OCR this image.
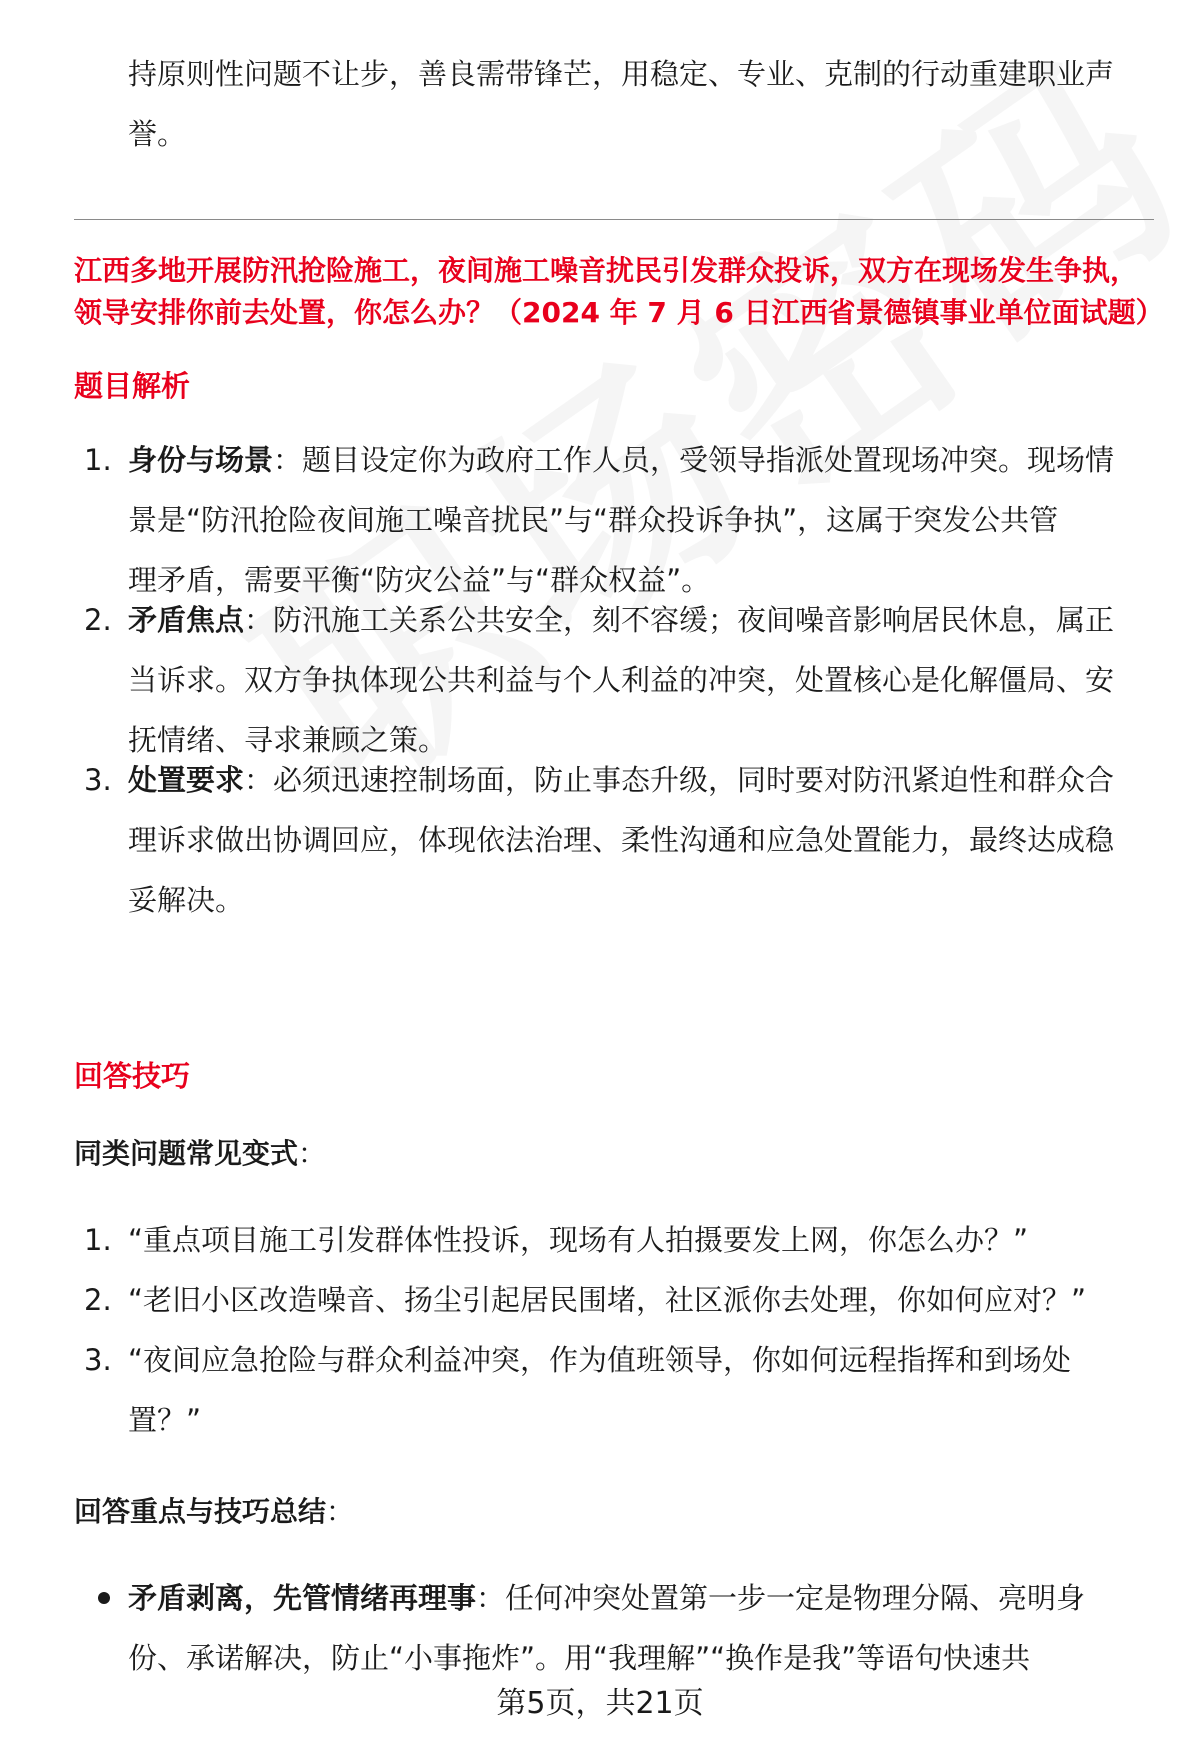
持原则性问题不让步，善良需带锋芒，用稳定、专业、克制的行动重建职业声
誉。
江西多地开展防汛抢险施工，夜间施工噪音扰民引发群众投诉，双方在现场发生争执，领导安排你前去处置，你怎么办？（2024 年 7 月 6 日江西省景德镇事业单位面试题）
题目解析
1. 身份与场景：题目设定你为政府工作人员，受领导指派处置现场冲突。现场情
景是“防汛抢险夜间施工噪音扰民”与“群众投诉争执”，这属于突发公共管
理矛盾，需要平衡“防灾公益”与“群众权益”。
2. 矛盾焦点：防汛施工关系公共安全，刻不容缓；夜间噪音影响居民休息，属正
当诉求。双方争执体现公共利益与个人利益的冲突，处置核心是化解僵局、安
抚情绪、寻求兼顾之策。
3. 处置要求：必须迅速控制场面，防止事态升级，同时要对防汛紧迫性和群众合
理诉求做出协调回应，体现依法治理、柔性沟通和应急处置能力，最终达成稳
妥解决。
回答技巧
同类问题常见变式：
1. “重点项目施工引发群体性投诉，现场有人拍摄要发上网，你怎么办？”
2. “老旧小区改造噪音、扬尘引起居民围堵，社区派你去处理，你如何应对？”
3. “夜间应急抢险与群众利益冲突，作为值班领导，你如何远程指挥和到场处
置？”
回答重点与技巧总结：
矛盾剥离，先管情绪再理事：任何冲突处置第一步一定是物理分隔、亮明身
份、承诺解决，防止“小事拖炸”。用“我理解”“换作是我”等语句快速共
第5页，共21页
